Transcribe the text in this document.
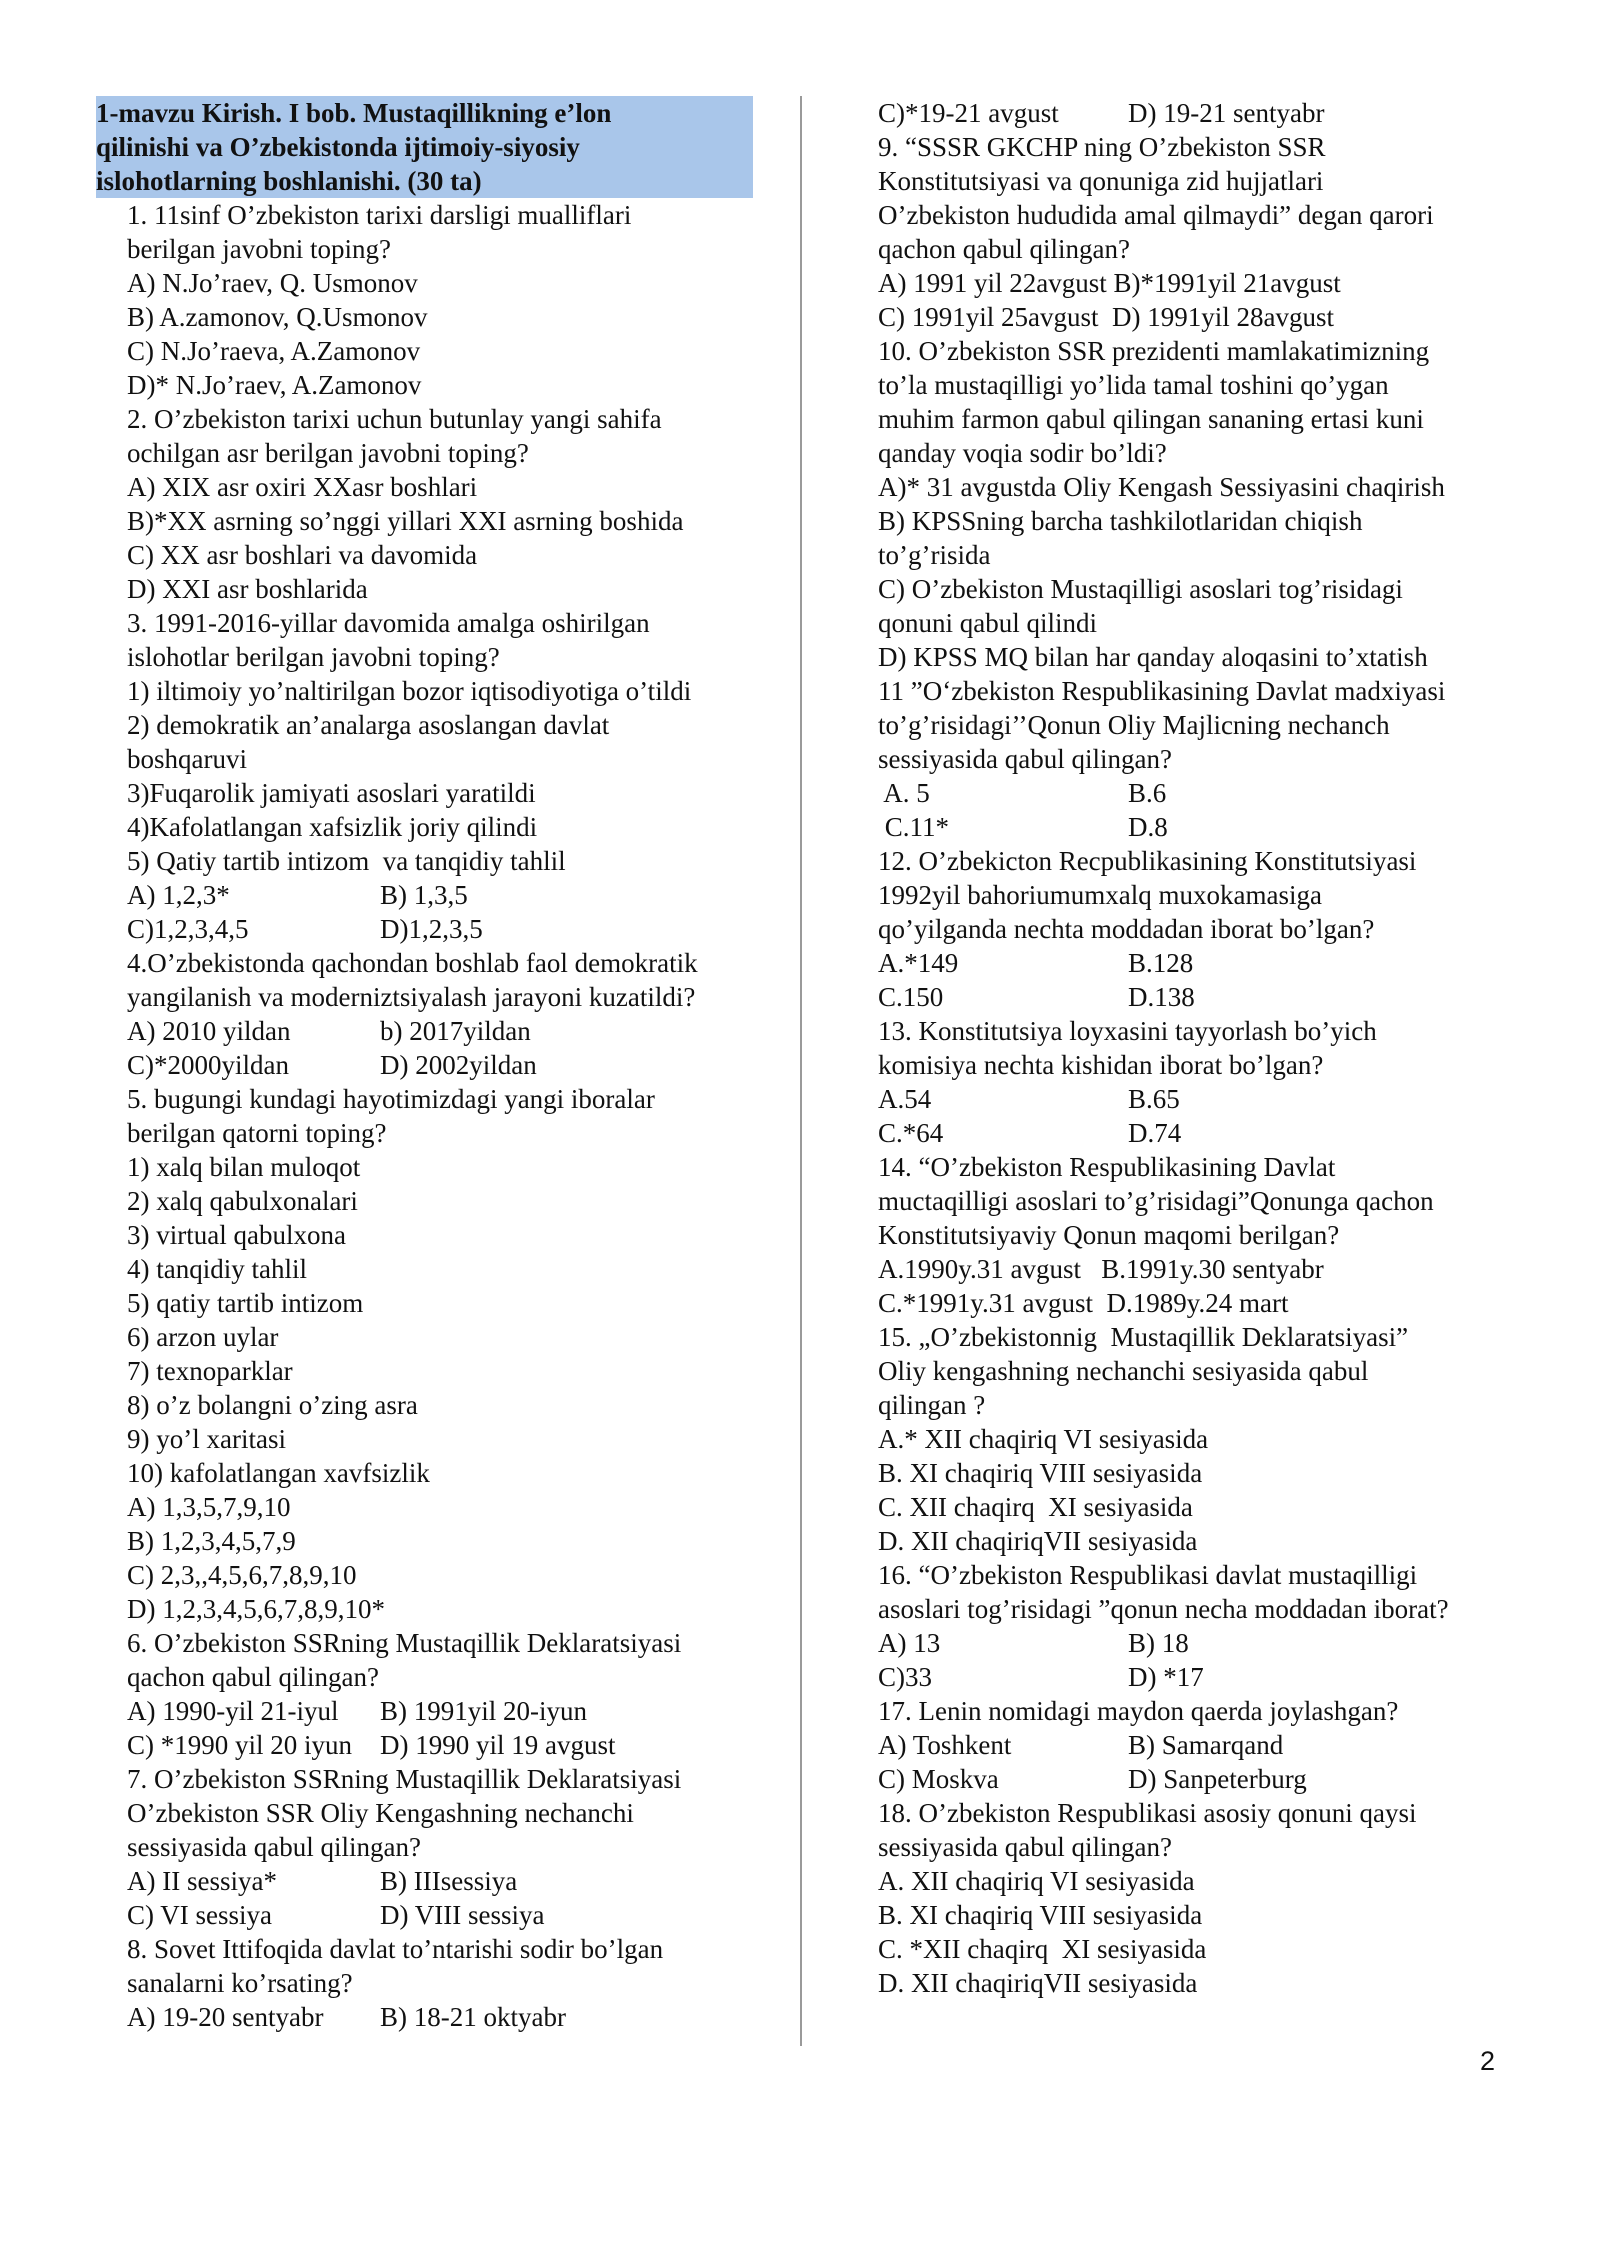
1-mavzu Kirish. I bob. Mustaqillikning e’lon
qilinishi va O’zbekistonda ijtimoiy-siyosiy
islohotlarning boshlanishi. (30 ta)
1. 11sinf O’zbekiston tarixi darsligi mualliflari
berilgan javobni toping?
A) N.Jo’raev, Q. Usmonov
B) A.zamonov, Q.Usmonov
C) N.Jo’raeva, A.Zamonov
D)* N.Jo’raev, A.Zamonov
2. O’zbekiston tarixi uchun butunlay yangi sahifa
ochilgan asr berilgan javobni toping?
A) XIX asr oxiri XXasr boshlari
B)*XX asrning so’nggi yillari XXI asrning boshida
C) XX asr boshlari va davomida
D) XXI asr boshlarida
3. 1991-2016-yillar davomida amalga oshirilgan
islohotlar berilgan javobni toping?
1) iltimoiy yo’naltirilgan bozor iqtisodiyotiga o’tildi
2) demokratik an’analarga asoslangan davlat
boshqaruvi
3)Fuqarolik jamiyati asoslari yaratildi
4)Kafolatlangan xafsizlik joriy qilindi
5) Qatiy tartib intizom  va tanqidiy tahlil
A) 1,2,3*	B) 1,3,5
C)1,2,3,4,5	D)1,2,3,5
4.O’zbekistonda qachondan boshlab faol demokratik
yangilanish va moderniztsiyalash jarayoni kuzatildi?
A) 2010 yildan	b) 2017yildan
C)*2000yildan	D) 2002yildan
5. bugungi kundagi hayotimizdagi yangi iboralar
berilgan qatorni toping?
1) xalq bilan muloqot
2) xalq qabulxonalari
3) virtual qabulxona
4) tanqidiy tahlil
5) qatiy tartib intizom
6) arzon uylar
7) texnoparklar
8) o’z bolangni o’zing asra
9) yo’l xaritasi
10) kafolatlangan xavfsizlik
A) 1,3,5,7,9,10
B) 1,2,3,4,5,7,9
C) 2,3,,4,5,6,7,8,9,10
D) 1,2,3,4,5,6,7,8,9,10*
6. O’zbekiston SSRning Mustaqillik Deklaratsiyasi
qachon qabul qilingan?
A) 1990-yil 21-iyul B) 1991yil 20-iyun
C) *1990 yil 20 iyun D) 1990 yil 19 avgust
7. O’zbekiston SSRning Mustaqillik Deklaratsiyasi
O’zbekiston SSR Oliy Kengashning nechanchi
sessiyasida qabul qilingan?
A) II sessiya*	B) IIIsessiya
C) VI sessiya	D) VIII sessiya
8. Sovet Ittifoqida davlat to’ntarishi sodir bo’lgan
sanalarni ko’rsating?
A) 19-20 sentyabr B) 18-21 oktyabr
C)*19-21 avgust	D) 19-21 sentyabr
9. “SSSR GKCHP ning O’zbekiston SSR
Konstitutsiyasi va qonuniga zid hujjatlari
O’zbekiston hududida amal qilmaydi” degan qarori
qachon qabul qilingan?
A) 1991 yil 22avgust B)*1991yil 21avgust
C) 1991yil 25avgust  D) 1991yil 28avgust
10. O’zbekiston SSR prezidenti mamlakatimizning
to’la mustaqilligi yo’lida tamal toshini qo’ygan
muhim farmon qabul qilingan sananing ertasi kuni
qanday voqia sodir bo’ldi?
A)* 31 avgustda Oliy Kengash Sessiyasini chaqirish
B) KPSSning barcha tashkilotlaridan chiqish
to’g’risida
C) O’zbekiston Mustaqilligi asoslari tog’risidagi
qonuni qabul qilindi
D) KPSS MQ bilan har qanday aloqasini to’xtatish
11 ”O‘zbekiston Respublikasining Davlat madxiyasi
to’g’risidagi’’Qonun Oliy Majlicning nechanch
sessiyasida qabul qilingan?
A. 5	B.6
C.11*	D.8
12. O’zbekicton Recpublikasining Konstitutsiyasi
1992yil bahoriumumxalq muxokamasiga
qo’yilganda nechta moddadan iborat bo’lgan?
A.*149	B.128
C.150	D.138
13. Konstitutsiya loyxasini tayyorlash bo’yich
komisiya nechta kishidan iborat bo’lgan?
A.54	B.65
C.*64	D.74
14. “O’zbekiston Respublikasining Davlat
muctaqilligi asoslari to’g’risidagi”Qonunga qachon
Konstitutsiyaviy Qonun maqomi berilgan?
A.1990y.31 avgust   B.1991y.30 sentyabr
C.*1991y.31 avgust  D.1989y.24 mart
15. „O’zbekistonnig  Mustaqillik Deklaratsiyasi”
Oliy kengashning nechanchi sesiyasida qabul
qilingan ?
A.* XII chaqiriq VI sesiyasida
B. XI chaqiriq VIII sesiyasida
C. XII chaqirq  XI sesiyasida
D. XII chaqiriqVII sesiyasida
16. “O’zbekiston Respublikasi davlat mustaqilligi
asoslari tog’risidagi ”qonun necha moddadan iborat?
A) 13	B) 18
C)33	D) *17
17. Lenin nomidagi maydon qaerda joylashgan?
A) Toshkent	B) Samarqand
C) Moskva	D) Sanpeterburg
18. O’zbekiston Respublikasi asosiy qonuni qaysi
sessiyasida qabul qilingan?
A. XII chaqiriq VI sesiyasida
B. XI chaqiriq VIII sesiyasida
C. *XII chaqirq  XI sesiyasida
D. XII chaqiriqVII sesiyasida
2
